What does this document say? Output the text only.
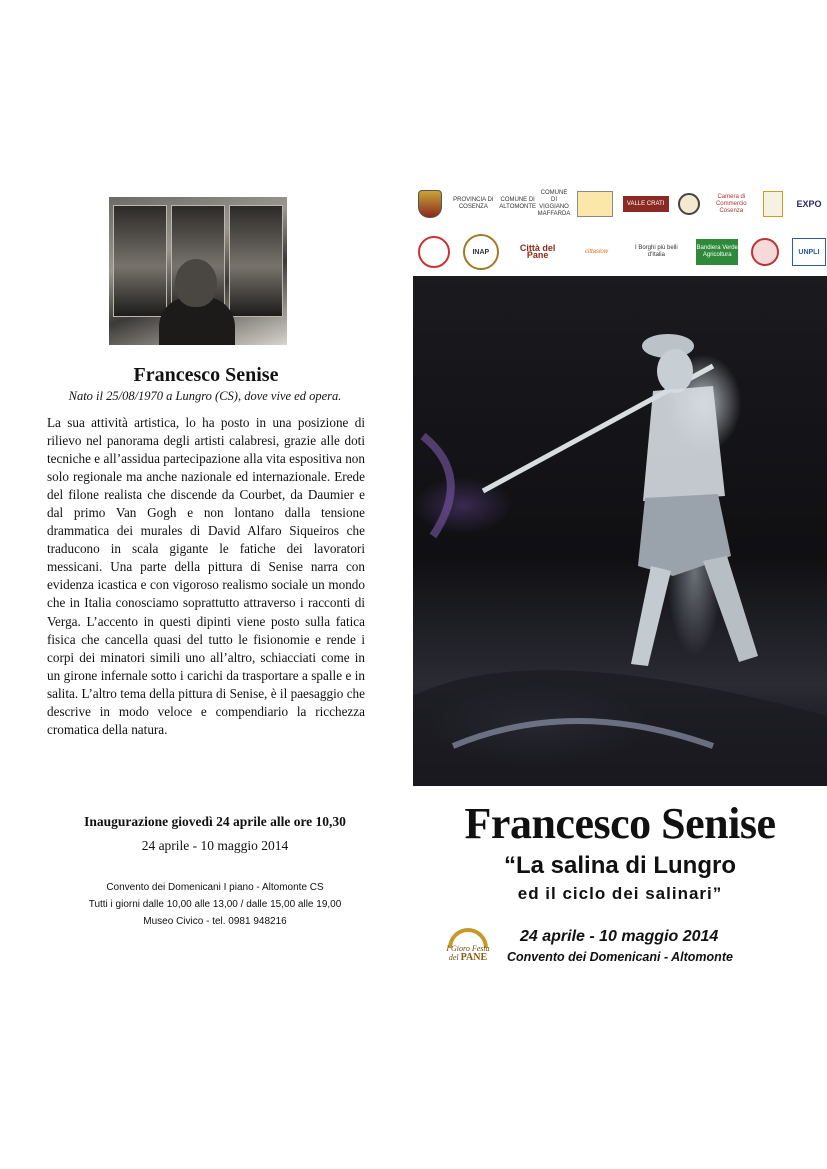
Francesco Senise
Nato il 25/08/1970 a Lungro (CS), dove vive ed opera.

La sua attività artistica, lo ha posto in una posizione di rilievo nel panorama degli artisti calabresi, grazie alle doti tecniche e all’assidua partecipazione alla vita espositiva non solo regionale ma anche nazionale ed internazionale. Erede del filone realista che discende da Courbet, da Daumier e dal primo Van Gogh e non lontano dalla tensione drammatica dei murales di David Alfaro Siqueiros che traducono in scala gigante le fatiche dei lavoratori messicani. Una parte della pittura di Senise narra con evidenza icastica e con vigoroso realismo sociale un mondo che in Italia conosciamo soprattutto attraverso i racconti di Verga. L’accento in questi dipinti viene posto sulla fatica fisica che cancella quasi del tutto le fisionomie e rende i corpi dei minatori simili uno all’altro, schiacciati come in un girone infernale sotto i carichi da trasportare a spalle e in salita. L’altro tema della pittura di Senise, è il paesaggio che descrive in modo veloce e compendiario la ricchezza cromatica della natura.

Inaugurazione giovedì 24 aprile alle ore 10,30
24 aprile - 10 maggio 2014
Convento dei Domenicani I piano - Altomonte CS
Tutti i giorni dalle 10,00 alle 13,00 / dalle 15,00 alle 19,00
Museo Civico - tel. 0981 948216
PROVINCIA DI COSENZA
COMUNE DI ALTOMONTE
COMUNE DI VIGGIANO MAFFARDA
VALLE CRATI
Camera di Commercio Cosenza
EXPO
INAP	Città del Pane	cittaslow
I Borghi più belli d'Italia
Bandiera Verde Agricoltura	UNPLI
Francesco Senise
“La salina di Lungro
ed il ciclo dei salinari”
I Gioro Festa
del PANE
24 aprile - 10 maggio 2014
Convento dei Domenicani - Altomonte
